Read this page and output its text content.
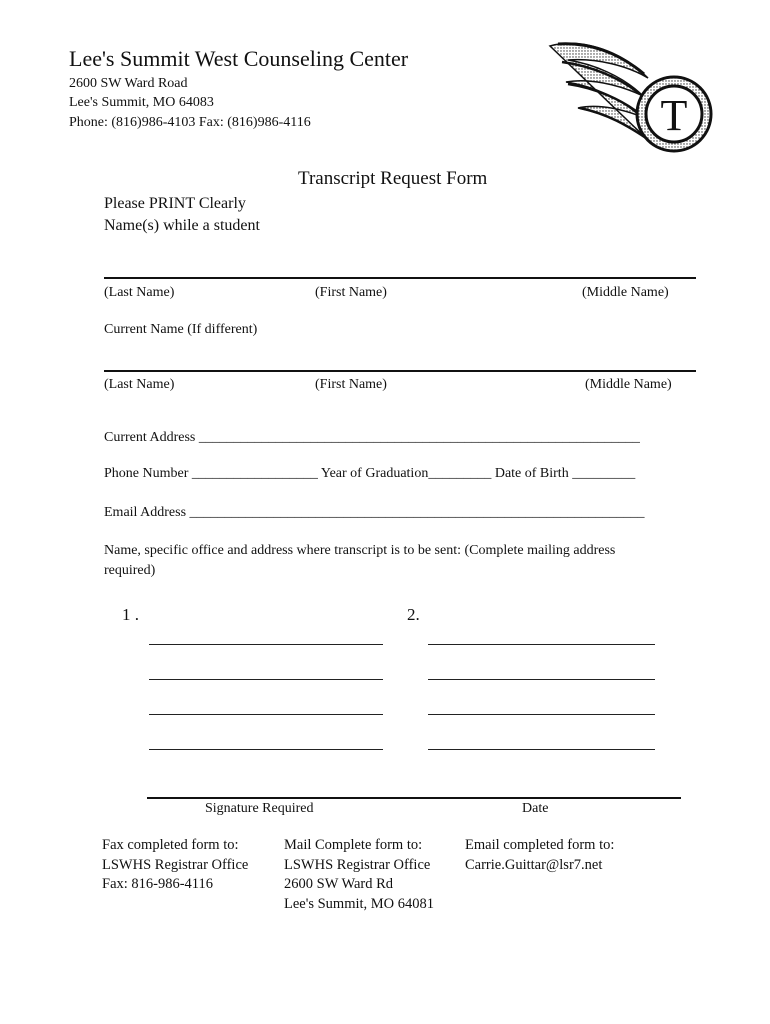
Lee's Summit West Counseling Center
2600 SW Ward Road
Lee's Summit, MO 64083
Phone: (816)986-4103 Fax: (816)986-4116	T
Transcript Request Form
Please PRINT Clearly
Name(s) while a student
(Last Name)	(First Name)	(Middle Name)
Current Name (If different)
(Last Name)	(First Name)	(Middle Name)
Current Address _______________________________________________________________
Phone Number __________________ Year of Graduation_________ Date of Birth _________
Email Address _________________________________________________________________
Name, specific office and address where transcript is to be sent: (Complete mailing address
required)
1 .	2.
Signature Required	Date
Fax completed form to:
LSWHS Registrar Office
Fax: 816-986-4116
Mail Complete form to:
LSWHS Registrar Office
2600 SW Ward Rd
Lee's Summit, MO 64081
Email completed form to:
Carrie.Guittar@lsr7.net
